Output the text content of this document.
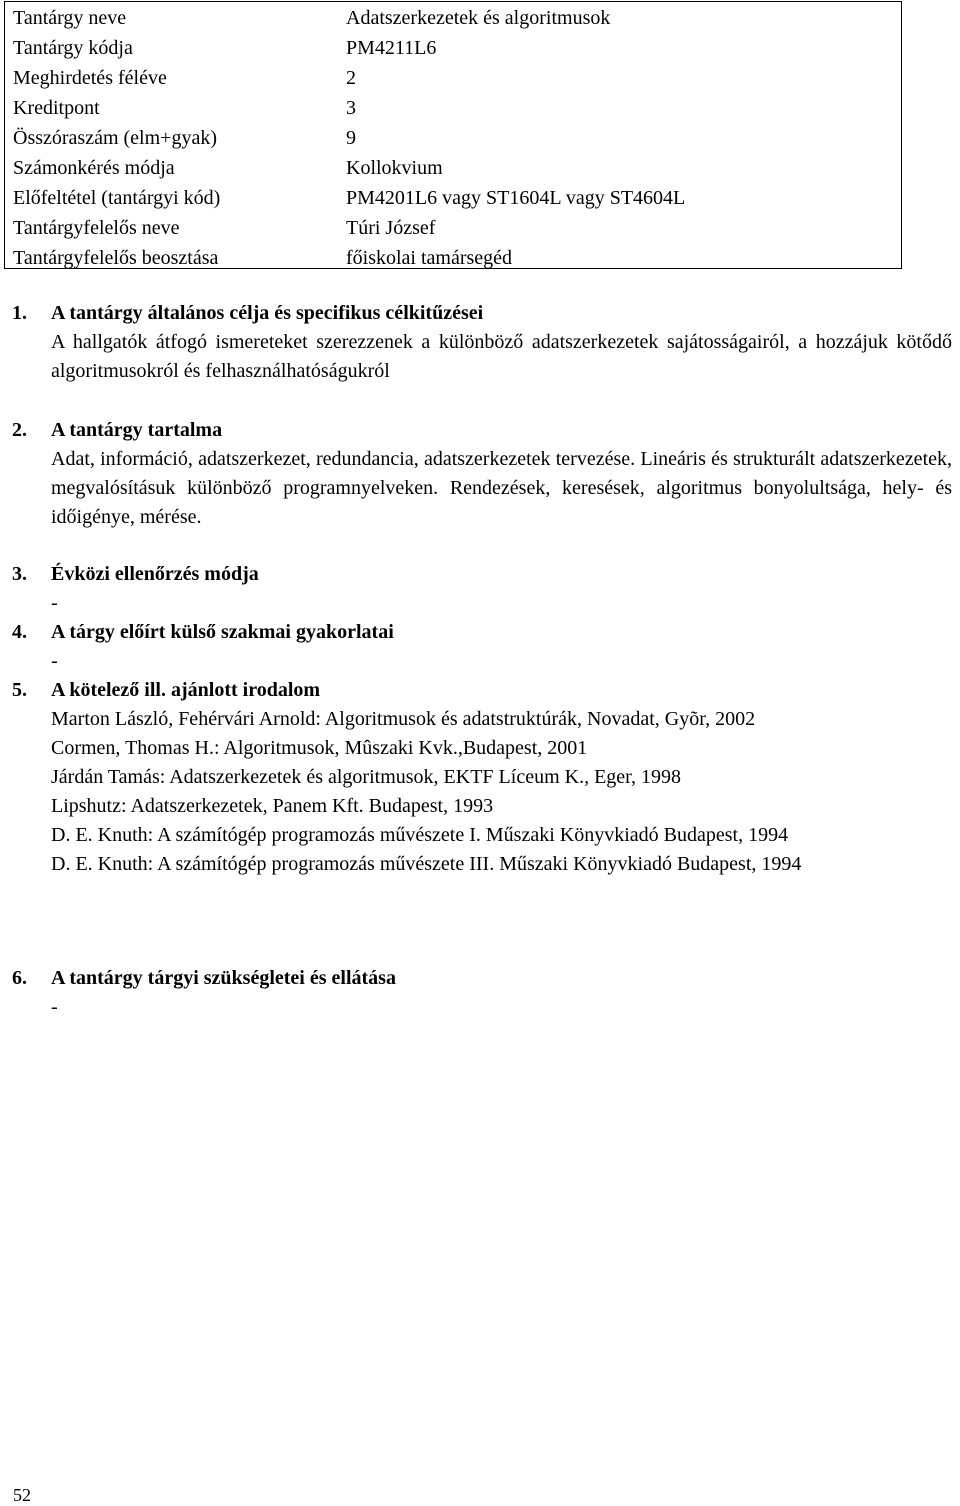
Tantárgy neve	Adatszerkezetek és algoritmusok
Tantárgy kódja	PM4211L6
Meghirdetés féléve	2
Kreditpont	3
Összóraszám (elm+gyak)	9
Számonkérés módja	Kollokvium
Előfeltétel (tantárgyi kód)	PM4201L6 vagy ST1604L vagy ST4604L
Tantárgyfelelős neve	Túri József
Tantárgyfelelős beosztása	főiskolai tamársegéd
1. A tantárgy általános célja és specifikus célkitűzései
A hallgatók átfogó ismereteket szerezzenek a különböző adatszerkezetek sajátosságairól, a hozzájuk kötődő algoritmusokról és felhasználhatóságukról
2. A tantárgy tartalma
Adat, információ, adatszerkezet, redundancia, adatszerkezetek tervezése. Lineáris és strukturált adatszerkezetek, megvalósításuk különböző programnyelveken. Rendezések, keresések, algoritmus bonyolultsága, hely- és időigénye, mérése.
3. Évközi ellenőrzés módja
-
4. A tárgy előírt külső szakmai gyakorlatai
-
5. A kötelező ill. ajánlott irodalom
Marton László, Fehérvári Arnold: Algoritmusok és adatstruktúrák, Novadat, Gyõr, 2002
Cormen, Thomas H.: Algoritmusok, Mûszaki Kvk.,Budapest, 2001
Járdán Tamás: Adatszerkezetek és algoritmusok, EKTF Líceum K., Eger, 1998
Lipshutz: Adatszerkezetek, Panem Kft. Budapest, 1993
D. E. Knuth: A számítógép programozás művészete I. Műszaki Könyvkiadó Budapest, 1994
D. E. Knuth: A számítógép programozás művészete III. Műszaki Könyvkiadó Budapest, 1994
6. A tantárgy tárgyi szükségletei és ellátása
-
52
